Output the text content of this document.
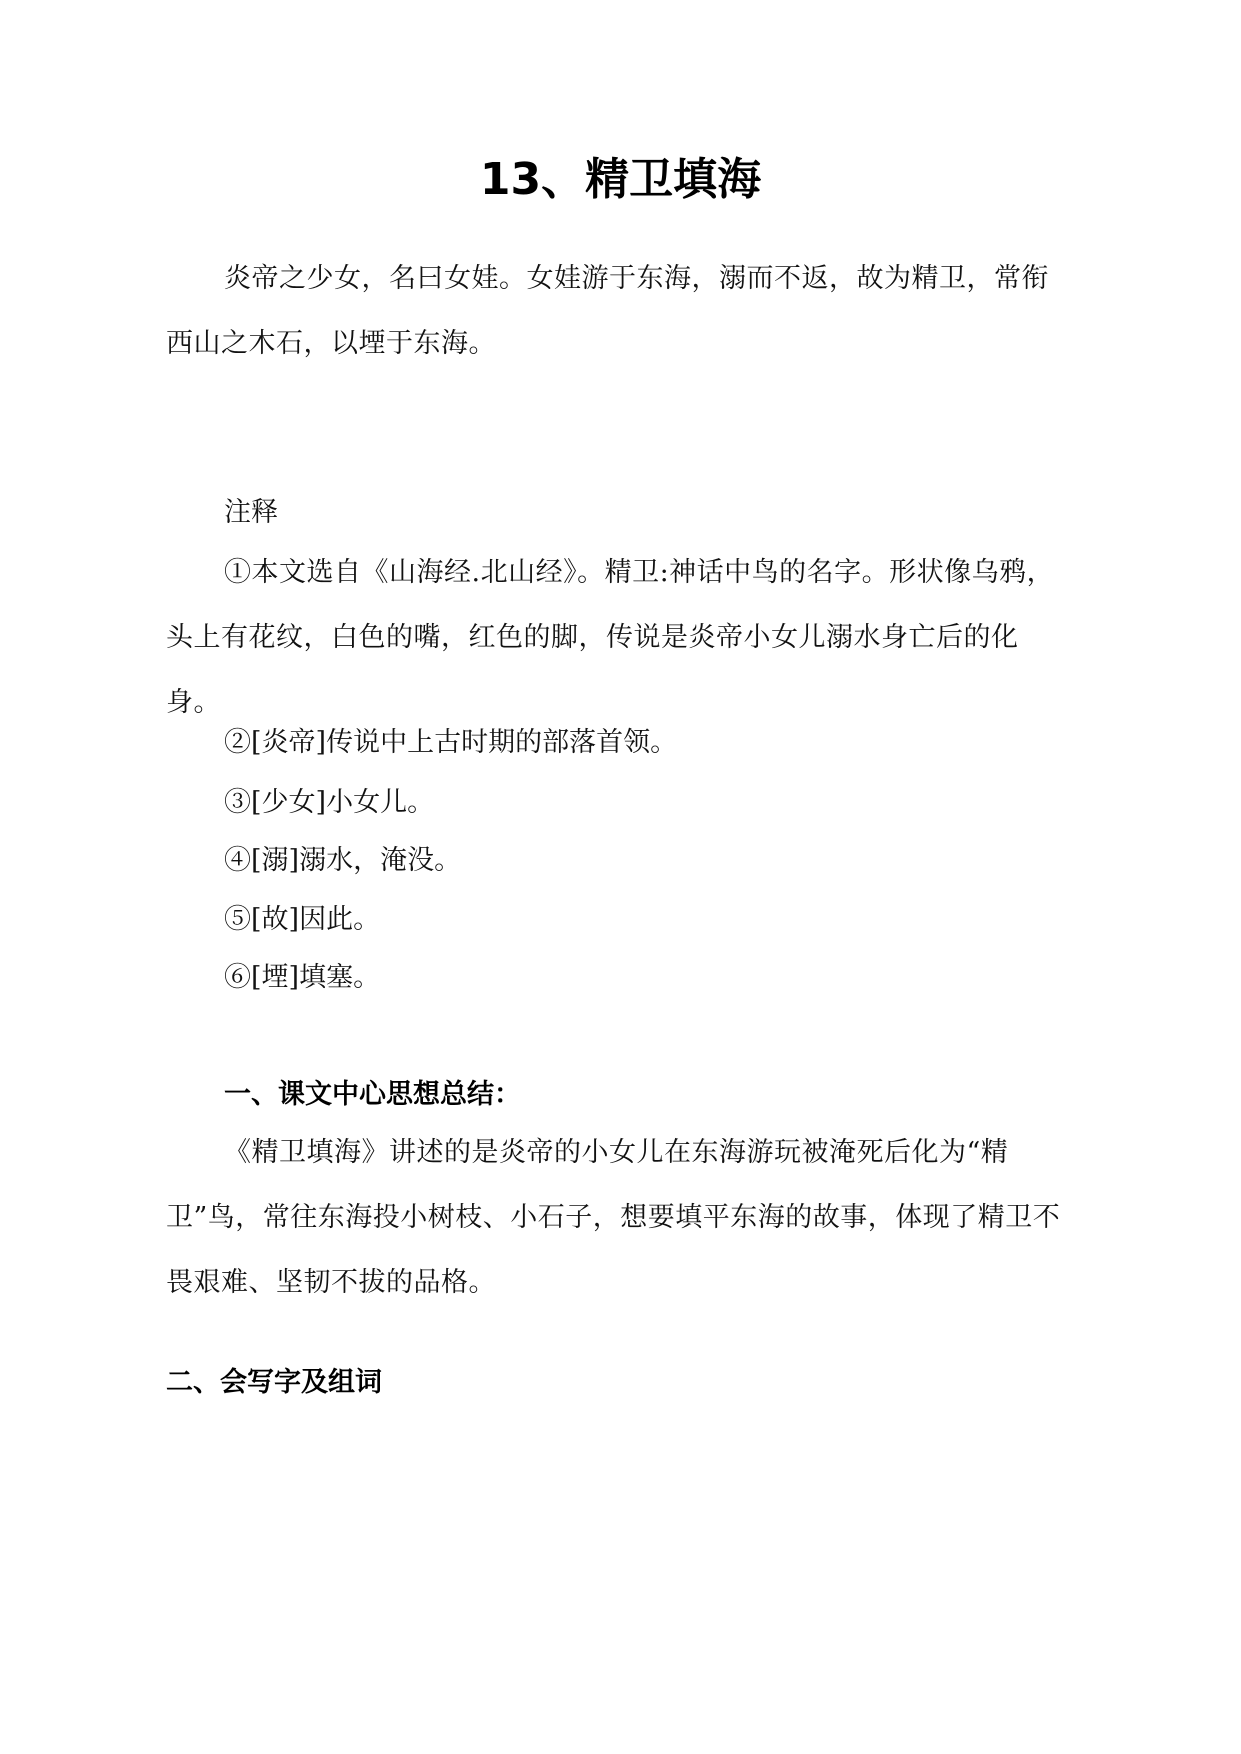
13、精卫填海

炎帝之少女，名曰女娃。女娃游于东海，溺而不返，故为精卫，常衔西山之木石，以堙于东海。

注释

①本文选自《山海经.北山经》。精卫:神话中鸟的名字。形状像乌鸦，头上有花纹，白色的嘴，红色的脚，传说是炎帝小女儿溺水身亡后的化身。

②[炎帝]传说中上古时期的部落首领。

③[少女]小女儿。

④[溺]溺水，淹没。

⑤[故]因此。

⑥[堙]填塞。

一、课文中心思想总结：

《精卫填海》讲述的是炎帝的小女儿在东海游玩被淹死后化为“精卫”鸟，常往东海投小树枝、小石子，想要填平东海的故事，体现了精卫不畏艰难、坚韧不拔的品格。

二、会写字及组词
